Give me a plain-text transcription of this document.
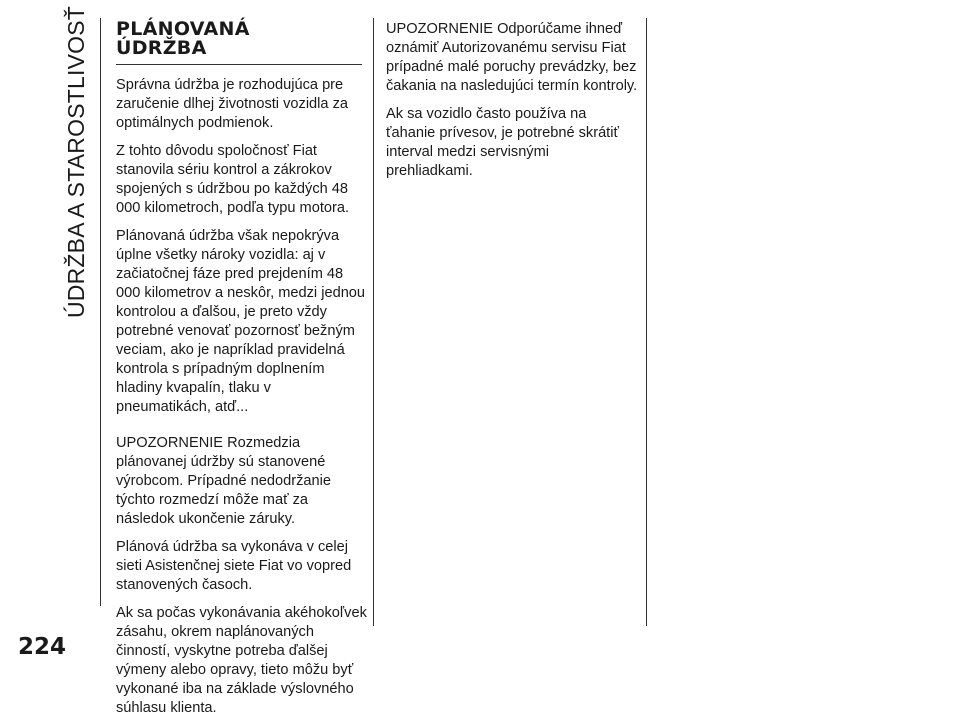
ÚDRŽBA A STAROSTLIVOSŤ PLÁNOVANÁ
ÚDRŽBA

Správna údržba je rozhodujúca pre zaručenie dlhej životnosti vozidla za optimálnych podmienok.

Z tohto dôvodu spoločnosť Fiat stanovila sériu kontrol a zákrokov spojených s údržbou po každých 48 000 kilometroch, podľa typu motora.

Plánovaná údržba však nepokrýva úplne všetky nároky vozidla: aj v začiatočnej fáze pred prejdením 48 000 kilometrov a neskôr, medzi jednou kontrolou a ďalšou, je preto vždy potrebné venovať pozornosť bežným veciam, ako je napríklad pravidelná kontrola s prípadným doplnením hladiny kvapalín, tlaku v pneumatikách, atď...

UPOZORNENIE Rozmedzia plánovanej údržby sú stanovené výrobcom. Prípadné nedodržanie týchto rozmedzí môže mať za následok ukončenie záruky.

Plánová údržba sa vykonáva v celej sieti Asistenčnej siete Fiat vo vopred stanovených časoch.

Ak sa počas vykonávania akéhokoľvek zásahu, okrem naplánovaných činností, vyskytne potreba ďalšej výmeny alebo opravy, tieto môžu byť vykonané iba na základe výslovného súhlasu klienta.

UPOZORNENIE Odporúčame ihneď oznámiť Autorizovanému servisu Fiat prípadné malé poruchy prevádzky, bez čakania na nasledujúci termín kontroly.

Ak sa vozidlo často používa na ťahanie prívesov, je potrebné skrátiť interval medzi servisnými prehliadkami.

224
